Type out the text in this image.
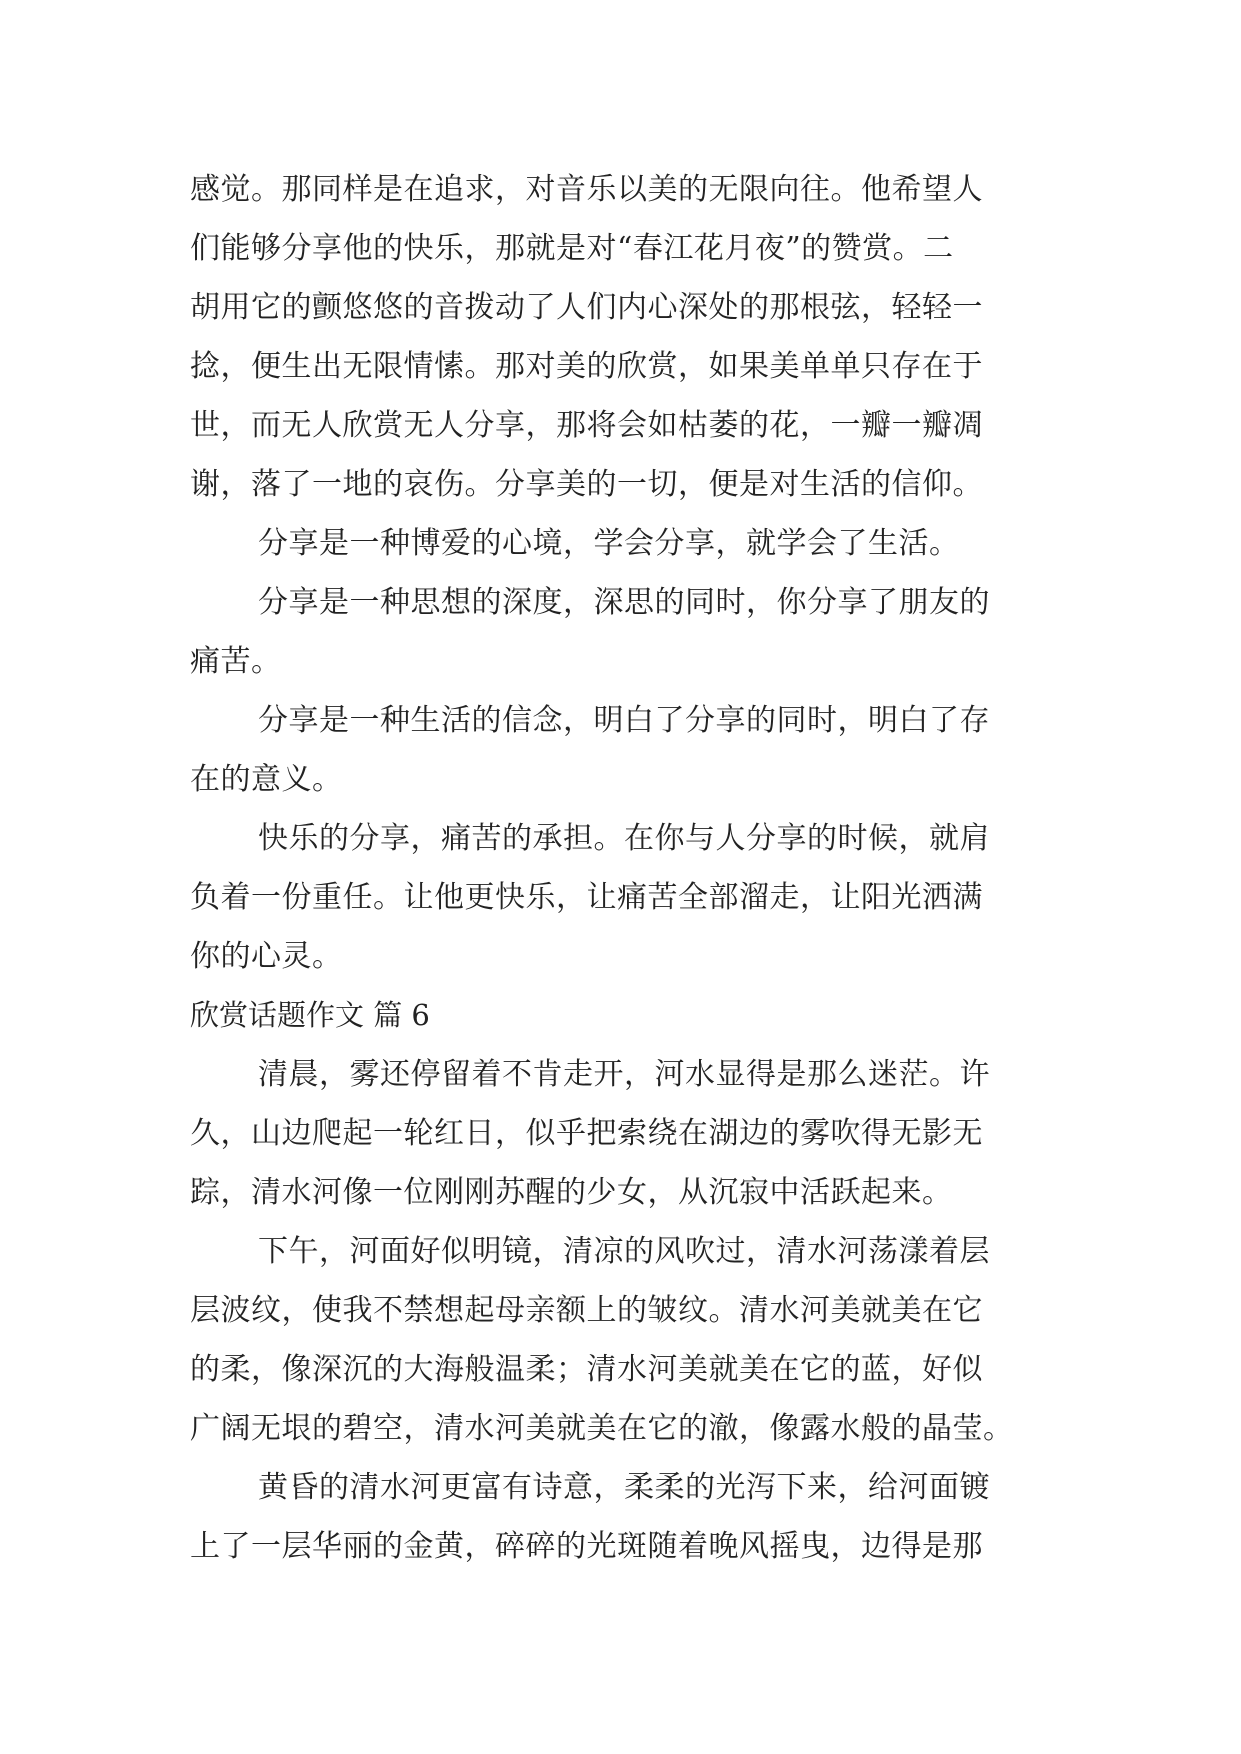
感觉。那同样是在追求，对音乐以美的无限向往。他希望人
们能够分享他的快乐，那就是对“春江花月夜”的赞赏。二
胡用它的颤悠悠的音拨动了人们内心深处的那根弦，轻轻一
捻，便生出无限情愫。那对美的欣赏，如果美单单只存在于
世，而无人欣赏无人分享，那将会如枯萎的花，一瓣一瓣凋
谢，落了一地的哀伤。分享美的一切，便是对生活的信仰。
分享是一种博爱的心境，学会分享，就学会了生活。
分享是一种思想的深度，深思的同时，你分享了朋友的
痛苦。
分享是一种生活的信念，明白了分享的同时，明白了存
在的意义。
快乐的分享，痛苦的承担。在你与人分享的时候，就肩
负着一份重任。让他更快乐，让痛苦全部溜走，让阳光洒满
你的心灵。
欣赏话题作文 篇 6
清晨，雾还停留着不肯走开，河水显得是那么迷茫。许
久，山边爬起一轮红日，似乎把索绕在湖边的雾吹得无影无
踪，清水河像一位刚刚苏醒的少女，从沉寂中活跃起来。
下午，河面好似明镜，清凉的风吹过，清水河荡漾着层
层波纹，使我不禁想起母亲额上的皱纹。清水河美就美在它
的柔，像深沉的大海般温柔；清水河美就美在它的蓝，好似
广阔无垠的碧空，清水河美就美在它的澈，像露水般的晶莹。
黄昏的清水河更富有诗意，柔柔的光泻下来，给河面镀
上了一层华丽的金黄，碎碎的光斑随着晚风摇曳，边得是那
